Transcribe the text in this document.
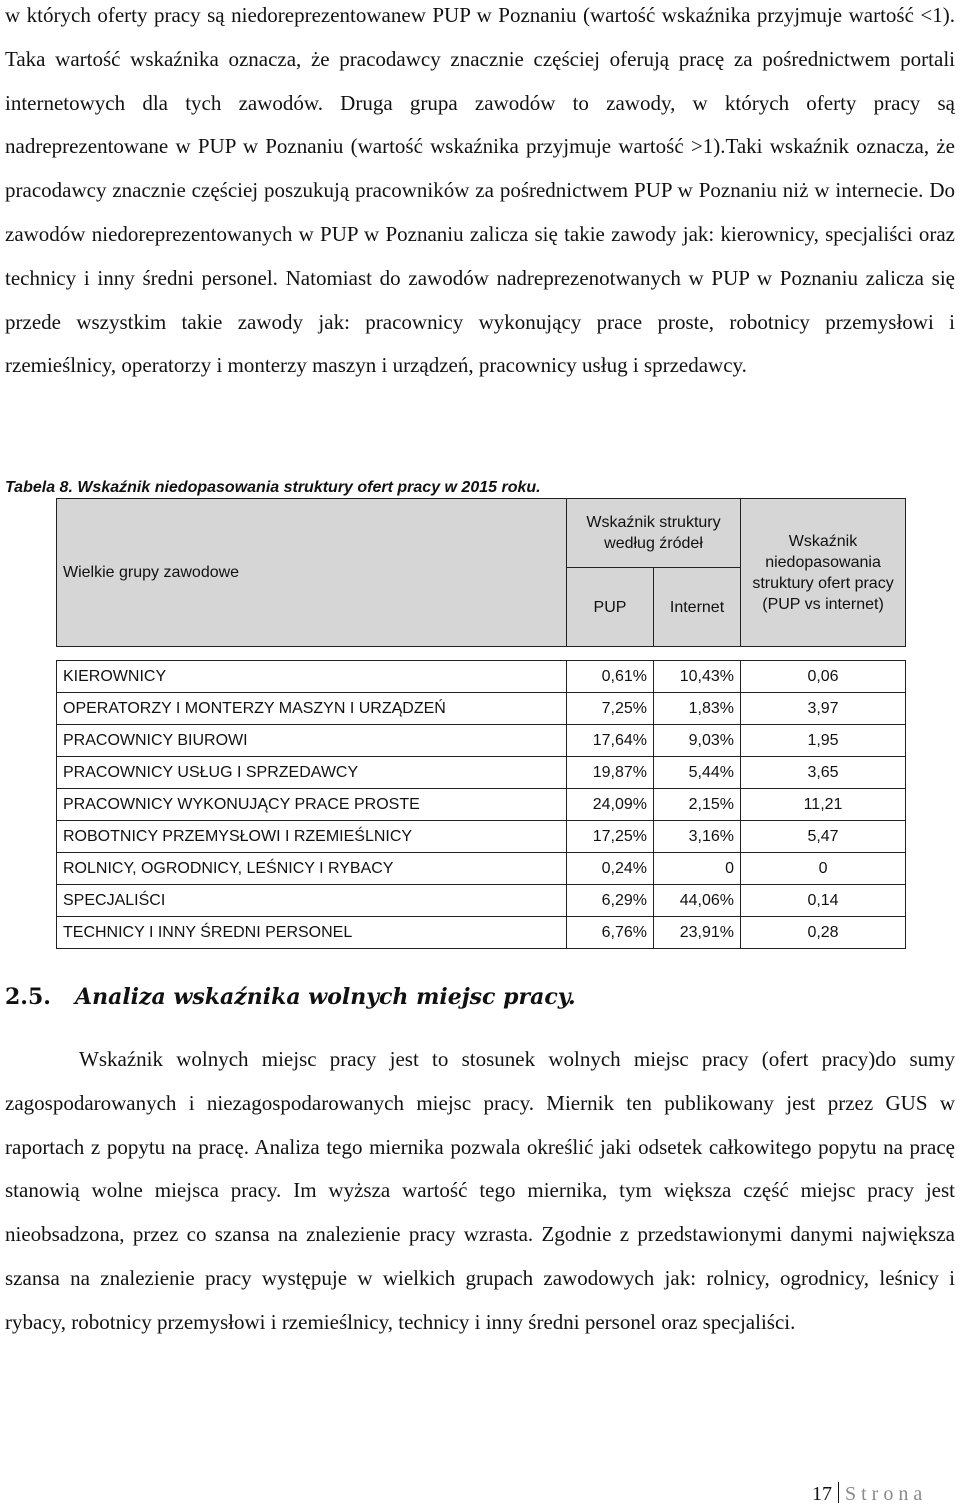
w których oferty pracy są niedoreprezentowanew PUP w Poznaniu (wartość wskaźnika przyjmuje wartość <1). Taka wartość wskaźnika oznacza, że pracodawcy znacznie częściej oferują pracę za pośrednictwem portali internetowych dla tych zawodów. Druga grupa zawodów to zawody, w których oferty pracy są nadreprezentowane w PUP w Poznaniu (wartość wskaźnika przyjmuje wartość >1).Taki wskaźnik oznacza, że pracodawcy znacznie częściej poszukują pracowników za pośrednictwem PUP w Poznaniu niż w internecie. Do zawodów niedoreprezentowanych w PUP w Poznaniu zalicza się takie zawody jak: kierownicy, specjaliści oraz technicy i inny średni personel. Natomiast do zawodów nadreprezenotwanych w PUP w Poznaniu zalicza się przede wszystkim takie zawody jak: pracownicy wykonujący prace proste, robotnicy przemysłowi i rzemieślnicy, operatorzy i monterzy maszyn i urządzeń, pracownicy usług i sprzedawcy.

Tabela 8. Wskaźnik niedopasowania struktury ofert pracy w 2015 roku.
Wielkie grupy zawodowe	Wskaźnik struktury według źródeł		Wskaźnik niedopasowania struktury ofert pracy (PUP vs internet)
	PUP	Internet	

KIEROWNICY	0,61%	10,43%	0,06
OPERATORZY I MONTERZY MASZYN I URZĄDZEŃ	7,25%	1,83%	3,97
PRACOWNICY BIUROWI	17,64%	9,03%	1,95
PRACOWNICY USŁUG I SPRZEDAWCY	19,87%	5,44%	3,65
PRACOWNICY WYKONUJĄCY PRACE PROSTE	24,09%	2,15%	11,21
ROBOTNICY PRZEMYSŁOWI I RZEMIEŚLNICY	17,25%	3,16%	5,47
ROLNICY, OGRODNICY, LEŚNICY I RYBACY	0,24%	0	0
SPECJALIŚCI	6,29%	44,06%	0,14
TECHNICY I INNY ŚREDNI PERSONEL	6,76%	23,91%	0,28
2.5. Analiza wskaźnika wolnych miejsc pracy.

Wskaźnik wolnych miejsc pracy jest to stosunek wolnych miejsc pracy (ofert pracy)do sumy zagospodarowanych i niezagospodarowanych miejsc pracy. Miernik ten publikowany jest przez GUS w raportach z popytu na pracę. Analiza tego miernika pozwala określić jaki odsetek całkowitego popytu na pracę stanowią wolne miejsca pracy. Im wyższa wartość tego miernika, tym większa część miejsc pracy jest nieobsadzona, przez co szansa na znalezienie pracy wzrasta. Zgodnie z przedstawionymi danymi największa szansa na znalezienie pracy występuje w wielkich grupach zawodowych jak: rolnicy, ogrodnicy, leśnicy i rybacy, robotnicy przemysłowi i rzemieślnicy, technicy i inny średni personel oraz specjaliści.

17 Strona
